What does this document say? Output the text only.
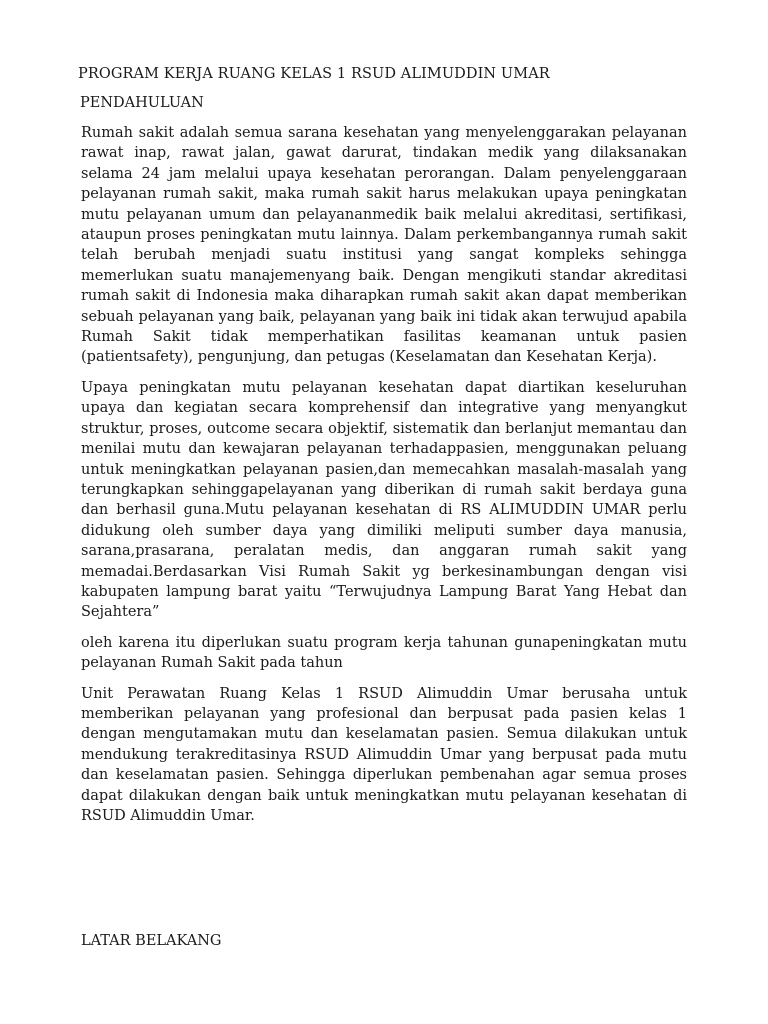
PROGRAM KERJA RUANG KELAS 1 RSUD ALIMUDDIN UMAR
PENDAHULUAN

Rumah sakit adalah semua sarana kesehatan yang menyelenggarakan pelayanan rawat inap, rawat jalan, gawat darurat, tindakan medik yang dilaksanakan selama 24 jam melalui upaya kesehatan perorangan. Dalam penyelenggaraan pelayanan rumah sakit, maka rumah sakit harus melakukan upaya peningkatan mutu pelayanan umum dan pelayananmedik baik melalui akreditasi, sertifikasi, ataupun proses peningkatan mutu lainnya. Dalam perkembangannya rumah sakit telah berubah menjadi suatu institusi yang sangat kompleks sehingga memerlukan suatu manajemenyang baik. Dengan mengikuti standar akreditasi rumah sakit di Indonesia maka diharapkan rumah sakit akan dapat memberikan sebuah pelayanan yang baik, pelayanan yang baik ini tidak akan terwujud apabila Rumah Sakit tidak memperhatikan fasilitas keamanan untuk pasien (patientsafety), pengunjung, dan petugas (Keselamatan dan Kesehatan Kerja).

Upaya peningkatan mutu pelayanan kesehatan dapat diartikan keseluruhan upaya dan kegiatan secara komprehensif dan integrative yang menyangkut struktur, proses, outcome secara objektif, sistematik dan berlanjut memantau dan menilai mutu dan kewajaran pelayanan terhadappasien, menggunakan peluang untuk meningkatkan pelayanan pasien,dan memecahkan masalah-masalah yang terungkapkan sehinggapelayanan yang diberikan di rumah sakit berdaya guna dan berhasil guna.Mutu pelayanan kesehatan di RS ALIMUDDIN UMAR perlu didukung oleh sumber daya yang dimiliki meliputi sumber daya manusia, sarana,prasarana, peralatan medis, dan anggaran rumah sakit yang memadai.Berdasarkan Visi Rumah Sakit yg berkesinambungan dengan visi kabupaten lampung barat yaitu “Terwujudnya Lampung Barat Yang Hebat dan Sejahtera”

oleh karena itu diperlukan suatu program kerja tahunan gunapeningkatan mutu pelayanan Rumah Sakit pada tahun

Unit Perawatan Ruang Kelas 1 RSUD Alimuddin Umar berusaha untuk memberikan pelayanan yang profesional dan berpusat pada pasien kelas 1 dengan mengutamakan mutu dan keselamatan pasien. Semua dilakukan untuk mendukung terakreditasinya RSUD Alimuddin Umar yang berpusat pada mutu dan keselamatan pasien. Sehingga diperlukan pembenahan agar semua proses dapat dilakukan dengan baik untuk meningkatkan mutu pelayanan kesehatan di RSUD Alimuddin Umar.

LATAR BELAKANG
